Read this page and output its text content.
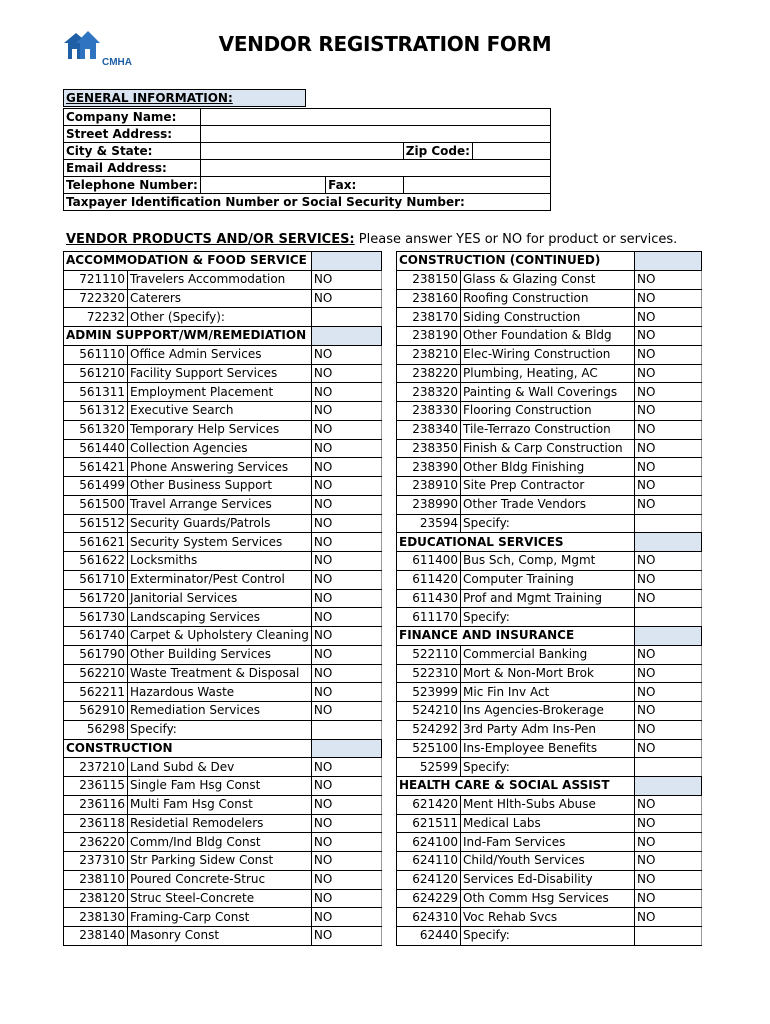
CMHA
VENDOR REGISTRATION FORM
GENERAL INFORMATION:
Company Name:				
Street Address:				
City & State:			Zip Code:	
Email Address:				
Telephone Number:		Fax:		
Taxpayer Identification Number or Social Security Number:				
VENDOR PRODUCTS AND/OR SERVICES: Please answer YES or NO for product or services.
ACCOMMODATION & FOOD SERVICE		
721110	Travelers Accommodation	NO
722320	Caterers	NO
72232	Other (Specify):	
ADMIN SUPPORT/WM/REMEDIATION		
561110	Office Admin Services	NO
561210	Facility Support Services	NO
561311	Employment Placement	NO
561312	Executive Search	NO
561320	Temporary Help Services	NO
561440	Collection Agencies	NO
561421	Phone Answering Services	NO
561499	Other Business Support	NO
561500	Travel Arrange Services	NO
561512	Security Guards/Patrols	NO
561621	Security System Services	NO
561622	Locksmiths	NO
561710	Exterminator/Pest Control	NO
561720	Janitorial Services	NO
561730	Landscaping Services	NO
561740	Carpet & Upholstery Cleaning	NO
561790	Other Building Services	NO
562210	Waste Treatment & Disposal	NO
562211	Hazardous Waste	NO
562910	Remediation Services	NO
56298	Specify:	
CONSTRUCTION		
237210	Land Subd & Dev	NO
236115	Single Fam Hsg Const	NO
236116	Multi Fam Hsg Const	NO
236118	Residetial Remodelers	NO
236220	Comm/Ind Bldg Const	NO
237310	Str Parking Sidew Const	NO
238110	Poured Concrete-Struc	NO
238120	Struc Steel-Concrete	NO
238130	Framing-Carp Const	NO
238140	Masonry Const	NO
CONSTRUCTION (CONTINUED)		
238150	Glass & Glazing Const	NO
238160	Roofing Construction	NO
238170	Siding Construction	NO
238190	Other Foundation & Bldg	NO
238210	Elec-Wiring Construction	NO
238220	Plumbing, Heating, AC	NO
238320	Painting & Wall Coverings	NO
238330	Flooring Construction	NO
238340	Tile-Terrazo Construction	NO
238350	Finish & Carp Construction	NO
238390	Other Bldg Finishing	NO
238910	Site Prep Contractor	NO
238990	Other Trade Vendors	NO
23594	Specify:	
EDUCATIONAL SERVICES		
611400	Bus Sch, Comp, Mgmt	NO
611420	Computer Training	NO
611430	Prof and Mgmt Training	NO
611170	Specify:	
FINANCE AND INSURANCE		
522110	Commercial Banking	NO
522310	Mort & Non-Mort Brok	NO
523999	Mic Fin Inv Act	NO
524210	Ins Agencies-Brokerage	NO
524292	3rd Party Adm Ins-Pen	NO
525100	Ins-Employee Benefits	NO
52599	Specify:	
HEALTH CARE & SOCIAL ASSIST		
621420	Ment Hlth-Subs Abuse	NO
621511	Medical Labs	NO
624100	Ind-Fam Services	NO
624110	Child/Youth Services	NO
624120	Services Ed-Disability	NO
624229	Oth Comm Hsg Services	NO
624310	Voc Rehab Svcs	NO
62440	Specify:	
